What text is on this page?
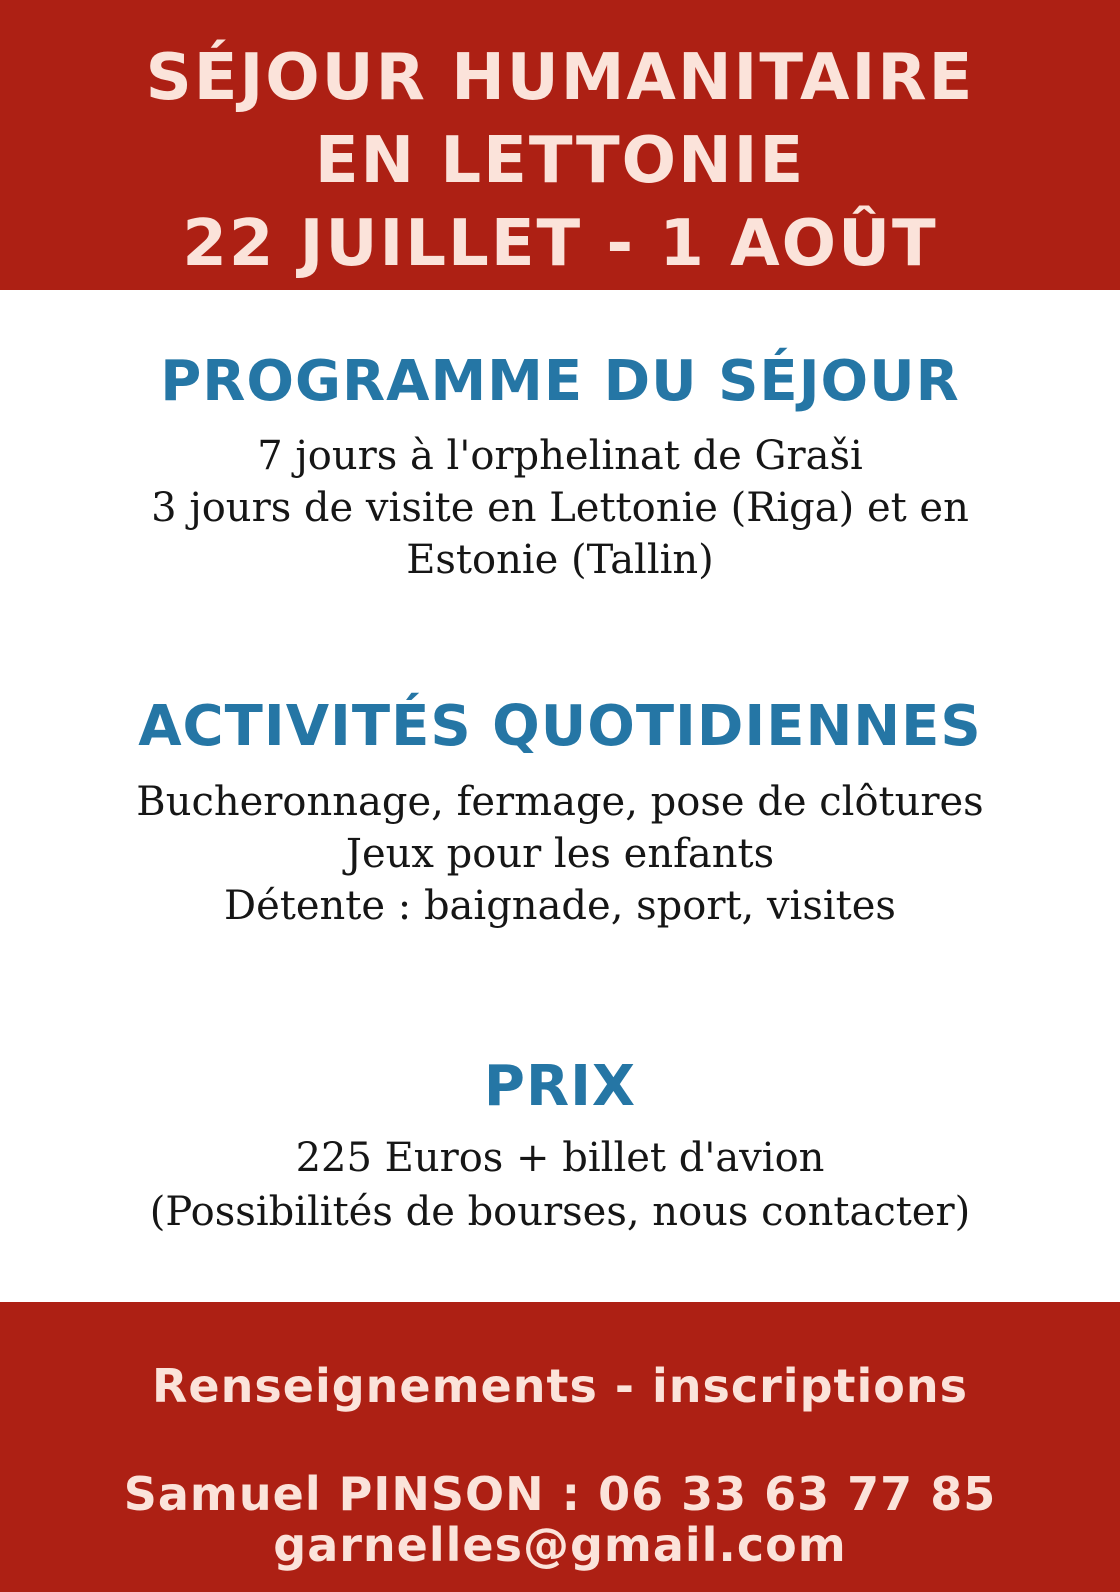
SÉJOUR HUMANITAIRE
EN LETTONIE
22 JUILLET - 1 AOÛT
PROGRAMME DU SÉJOUR
7 jours à l'orphelinat de Graši
3 jours de visite en Lettonie (Riga) et en
Estonie (Tallin)
ACTIVITÉS QUOTIDIENNES
Bucheronnage, fermage, pose de clôtures
Jeux pour les enfants
Détente : baignade, sport, visites
PRIX
225 Euros + billet d'avion
(Possibilités de bourses, nous contacter)
Renseignements - inscriptions
Samuel PINSON : 06 33 63 77 85
garnelles@gmail.com
